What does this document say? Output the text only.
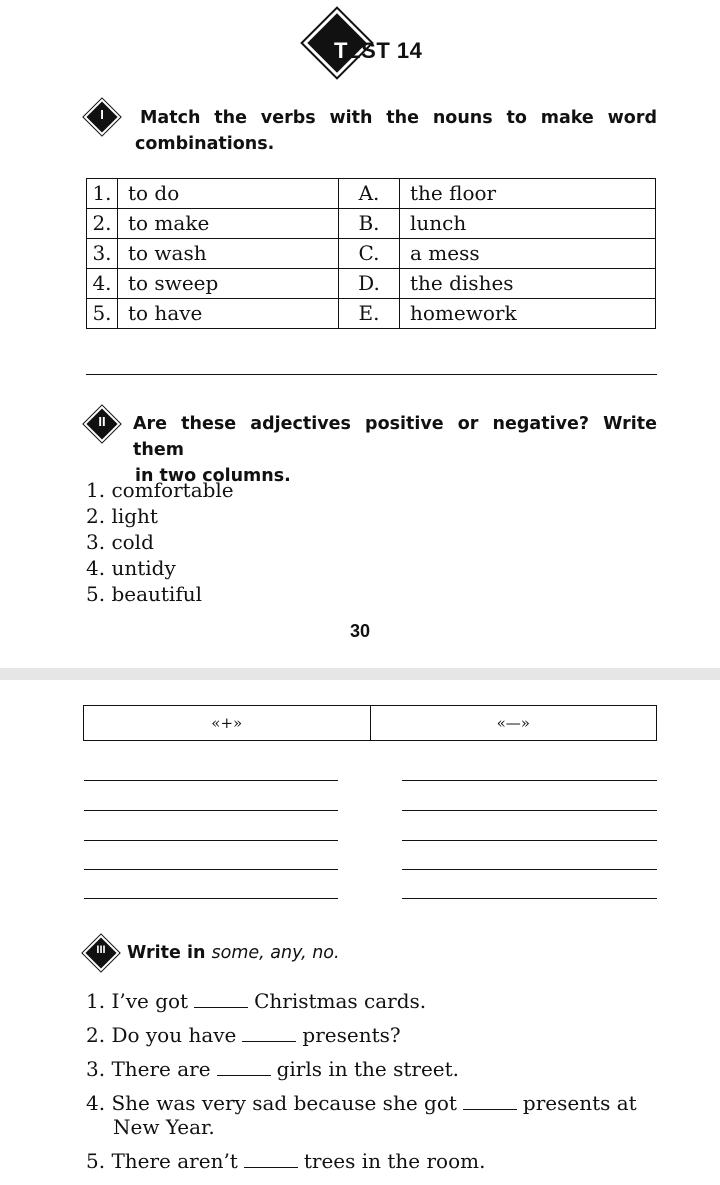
T
EST 14
I	Match the verbs with the nouns to make word
combinations.
1.	to do	A.	the floor
2.	to make	B.	lunch
3.	to wash	C.	a mess
4.	to sweep	D.	the dishes
5.	to have	E.	homework
II	Are these adjectives positive or negative? Write them
in two columns.
1. comfortable
2. light
3. cold
4. untidy
5. beautiful
30
«+»	«—»
III	Write in some, any, no.
1. I’ve got	Christmas cards.
2. Do you have	presents?
3. There are	girls in the street.
4. She was very sad because she got	presents at
New Year.
5. There aren’t	trees in the room.
